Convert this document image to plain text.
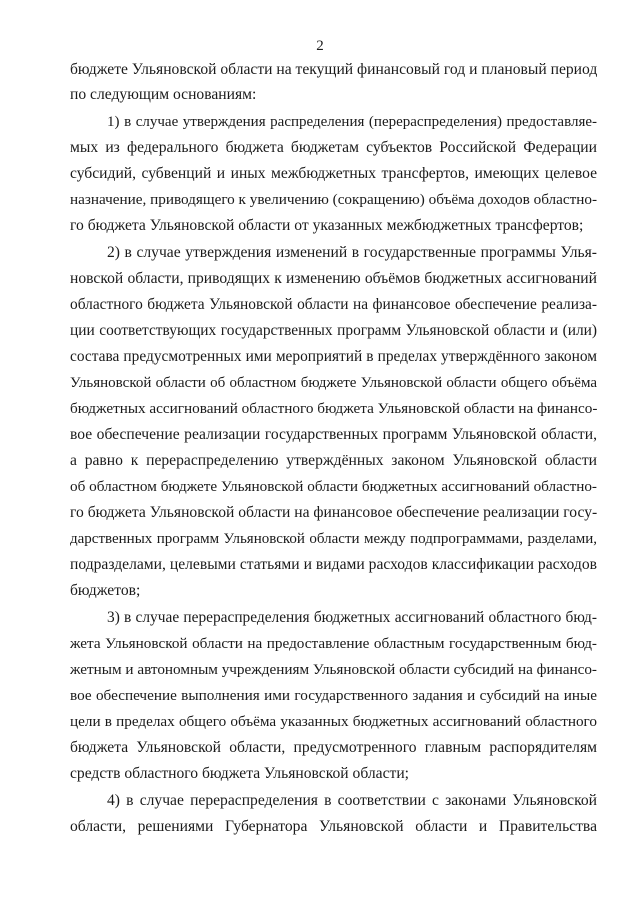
2
бюджете Ульяновской области на текущий финансовый год и плановый период
по следующим основаниям:
1) в случае утверждения распределения (перераспределения) предоставляе-
мых из федерального бюджета бюджетам субъектов Российской Федерации
субсидий, субвенций и иных межбюджетных трансфертов, имеющих целевое
назначение, приводящего к увеличению (сокращению) объёма доходов областно-
го бюджета Ульяновской области от указанных межбюджетных трансфертов;
2) в случае утверждения изменений в государственные программы Улья-
новской области, приводящих к изменению объёмов бюджетных ассигнований
областного бюджета Ульяновской области на финансовое обеспечение реализа-
ции соответствующих государственных программ Ульяновской области и (или)
состава предусмотренных ими мероприятий в пределах утверждённого законом
Ульяновской области об областном бюджете Ульяновской области общего объёма
бюджетных ассигнований областного бюджета Ульяновской области на финансо-
вое обеспечение реализации государственных программ Ульяновской области,
а равно к перераспределению утверждённых законом Ульяновской области
об областном бюджете Ульяновской области бюджетных ассигнований областно-
го бюджета Ульяновской области на финансовое обеспечение реализации госу-
дарственных программ Ульяновской области между подпрограммами, разделами,
подразделами, целевыми статьями и видами расходов классификации расходов
бюджетов;
3) в случае перераспределения бюджетных ассигнований областного бюд-
жета Ульяновской области на предоставление областным государственным бюд-
жетным и автономным учреждениям Ульяновской области субсидий на финансо-
вое обеспечение выполнения ими государственного задания и субсидий на иные
цели в пределах общего объёма указанных бюджетных ассигнований областного
бюджета Ульяновской области, предусмотренного главным распорядителям
средств областного бюджета Ульяновской области;
4) в случае перераспределения в соответствии с законами Ульяновской
области, решениями Губернатора Ульяновской области и Правительства
